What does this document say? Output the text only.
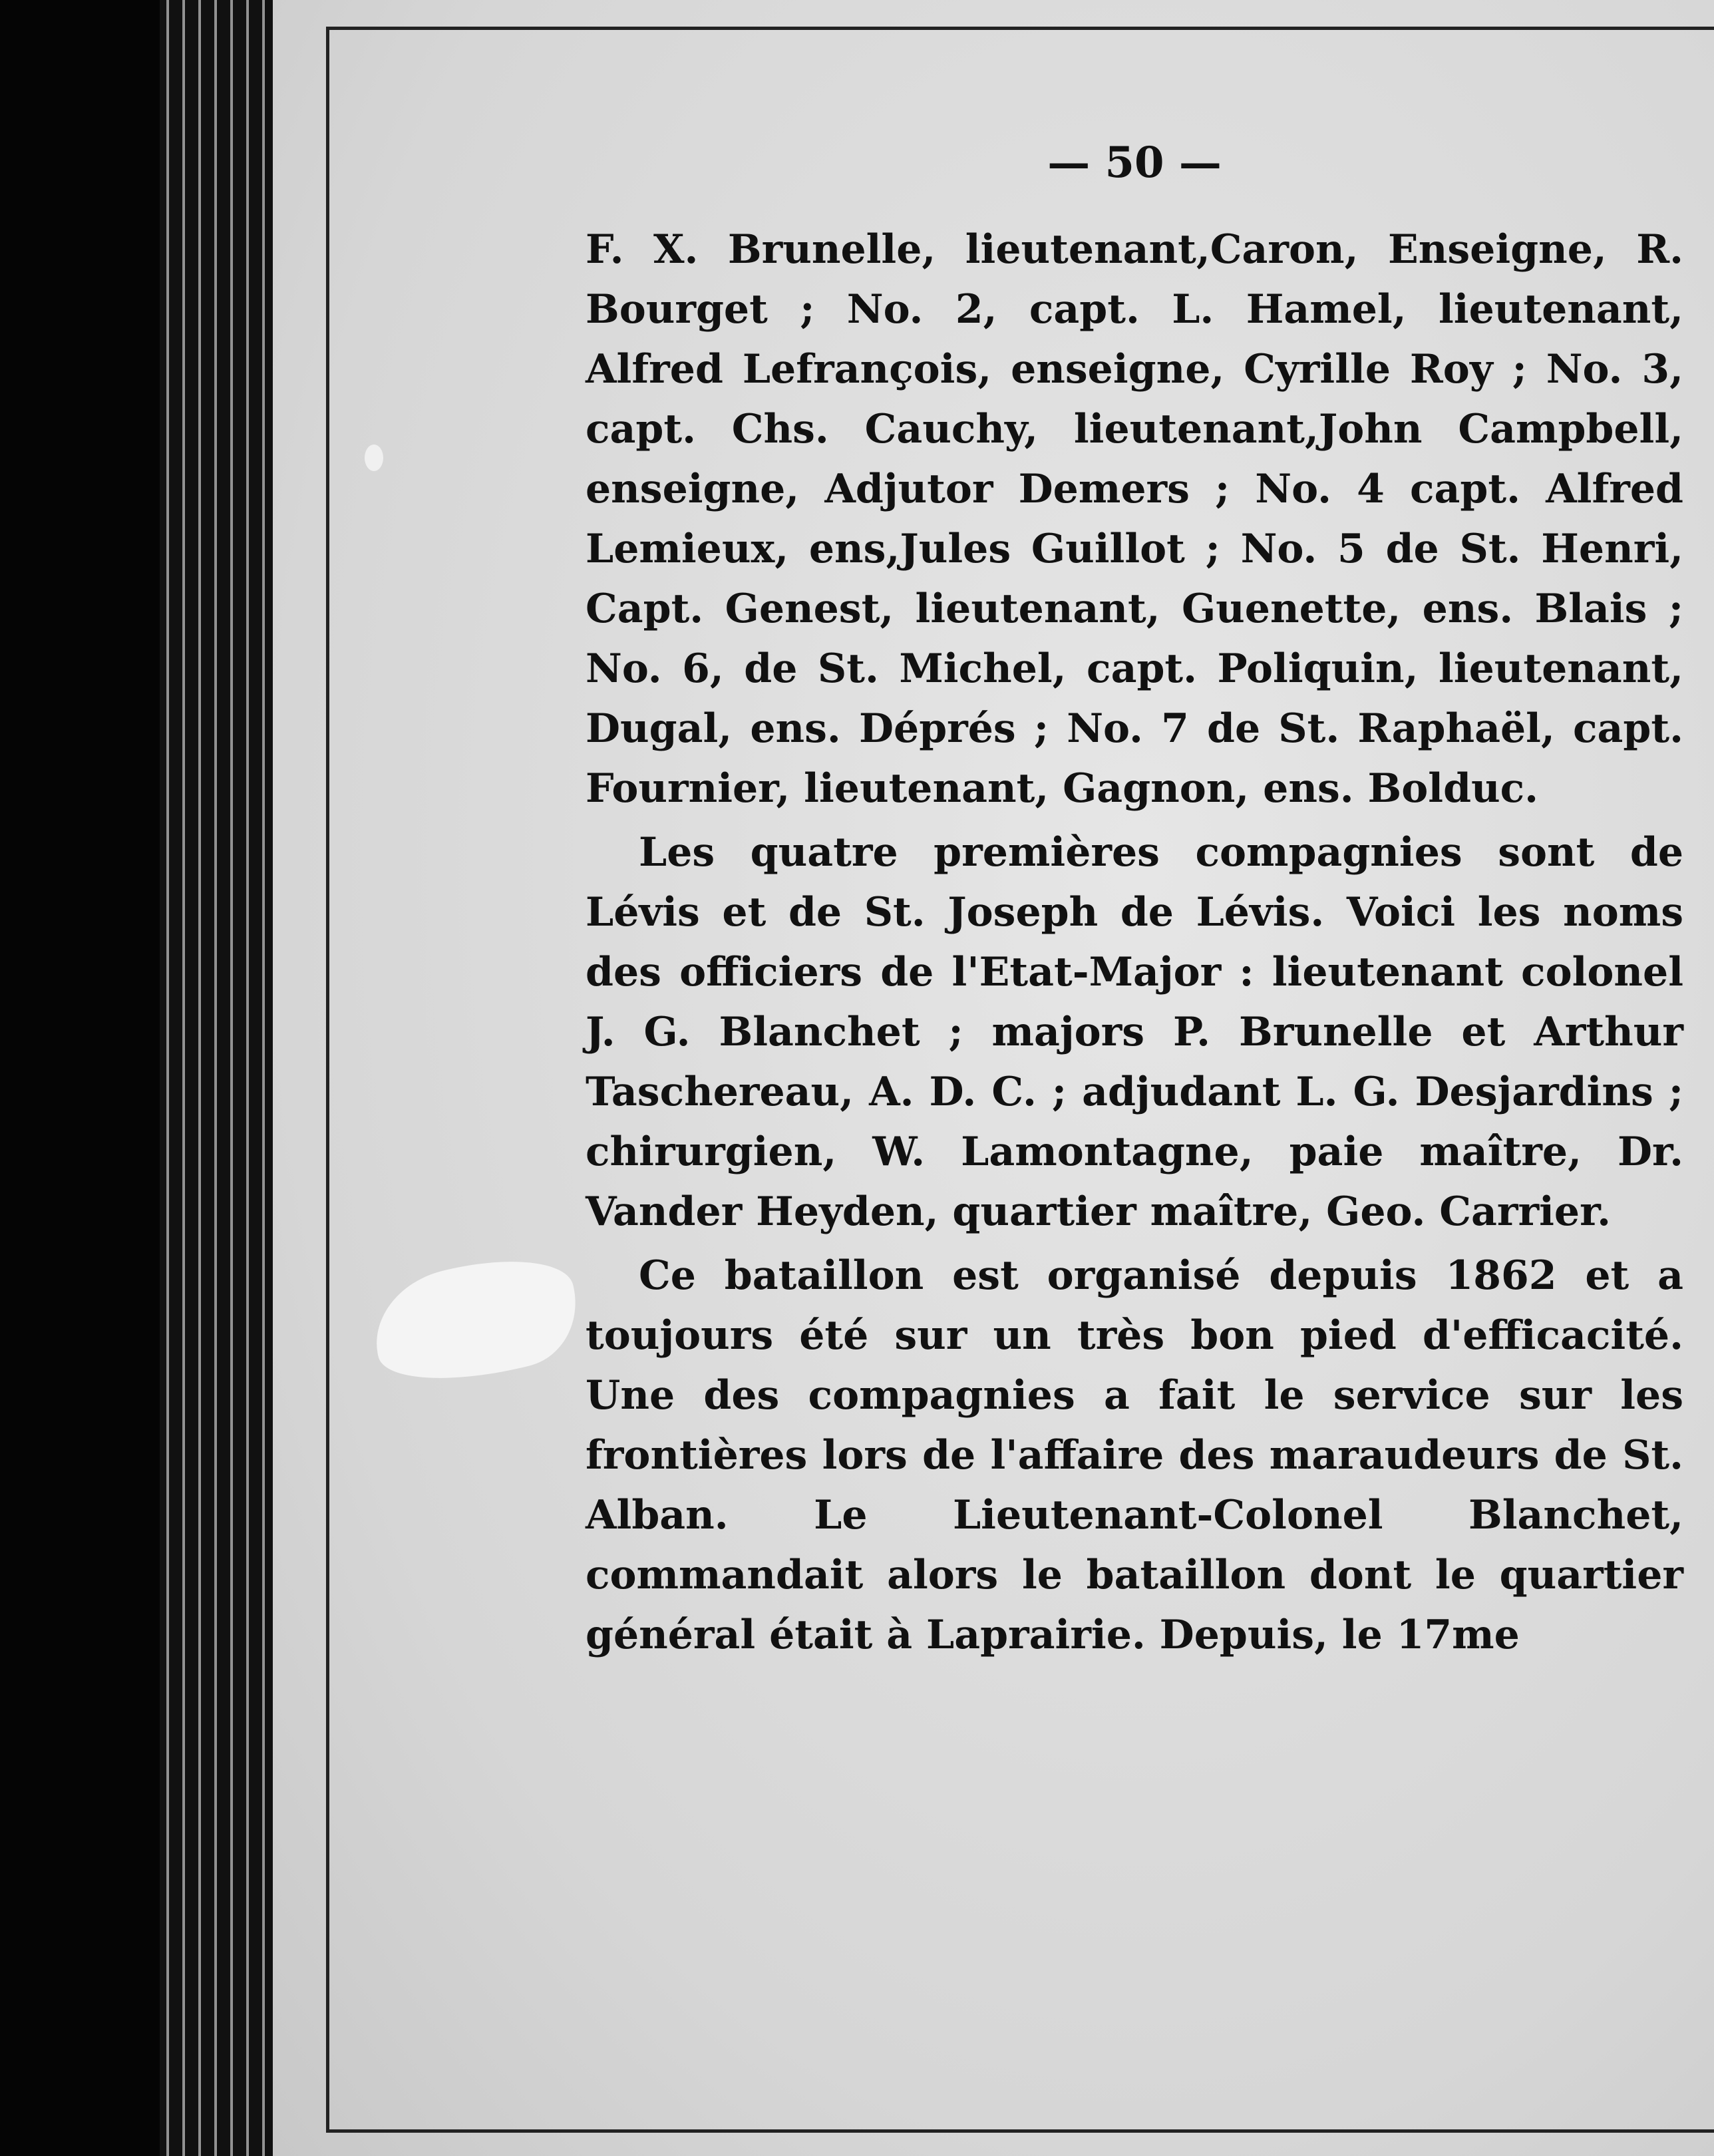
— 50 —

F. X. Brunelle, lieutenant,Caron, Enseigne, R. Bourget ; No. 2, capt. L. Hamel, lieutenant, Alfred Lefrançois, enseigne, Cyrille Roy ; No. 3, capt. Chs. Cauchy, lieutenant,John Campbell, enseigne, Adjutor Demers ; No. 4 capt. Alfred Lemieux, ens,Jules Guillot ; No. 5 de St. Henri, Capt. Genest, lieutenant, Guenette, ens. Blais ; No. 6, de St. Michel, capt. Poliquin, lieutenant, Dugal, ens. Déprés ; No. 7 de St. Raphaël, capt. Fournier, lieutenant, Gagnon, ens. Bolduc.

Les quatre premières compagnies sont de Lévis et de St. Joseph de Lévis. Voici les noms des officiers de l'Etat-Major : lieutenant colonel J. G. Blanchet ; majors P. Brunelle et Arthur Taschereau, A. D. C. ; adjudant L. G. Desjardins ; chirurgien, W. Lamontagne, paie maître, Dr. Vander Heyden, quartier maître, Geo. Carrier.

Ce bataillon est organisé depuis 1862 et a toujours été sur un très bon pied d'efficacité. Une des compagnies a fait le service sur les frontières lors de l'affaire des maraudeurs de St. Alban. Le Lieutenant-Colonel Blanchet, commandait alors le bataillon dont le quartier général était à Laprairie. Depuis, le 17me
